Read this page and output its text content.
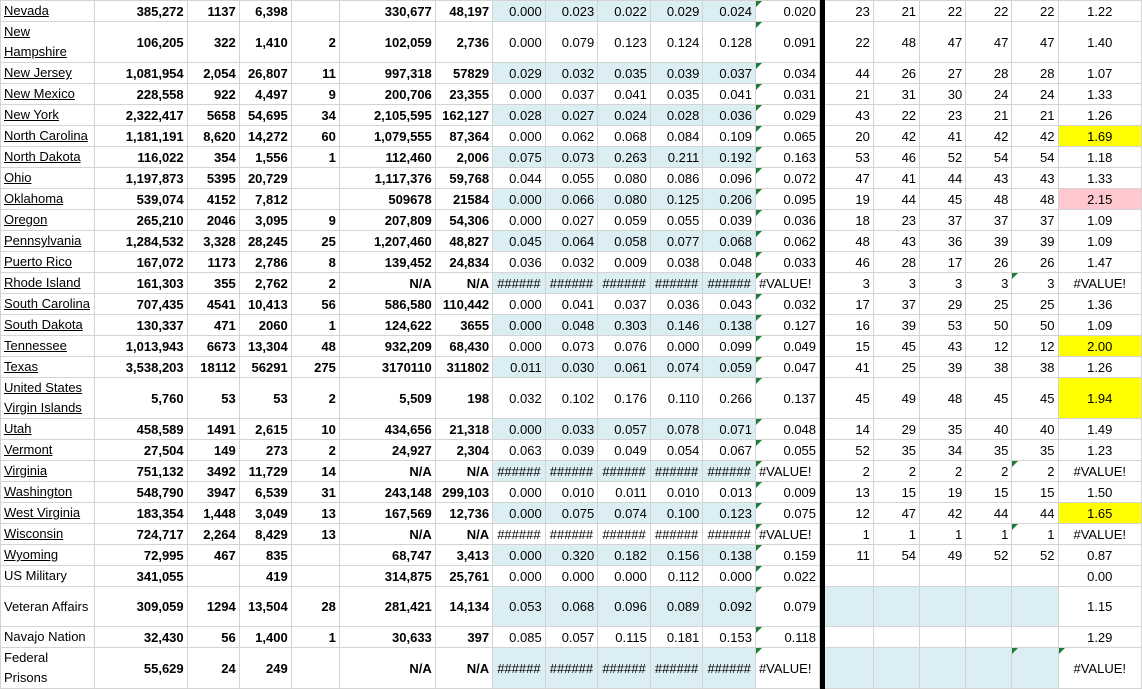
Nevada	385,272	1137	6,398		330,677	48,197	0.000	0.023	0.022	0.029	0.024	0.020		23	21	22	22	22	1.22
New Hampshire	106,205	322	1,410	2	102,059	2,736	0.000	0.079	0.123	0.124	0.128	0.091		22	48	47	47	47	1.40
New Jersey	1,081,954	2,054	26,807	11	997,318	57829	0.029	0.032	0.035	0.039	0.037	0.034		44	26	27	28	28	1.07
New Mexico	228,558	922	4,497	9	200,706	23,355	0.000	0.037	0.041	0.035	0.041	0.031		21	31	30	24	24	1.33
New York	2,322,417	5658	54,695	34	2,105,595	162,127	0.028	0.027	0.024	0.028	0.036	0.029		43	22	23	21	21	1.26
North Carolina	1,181,191	8,620	14,272	60	1,079,555	87,364	0.000	0.062	0.068	0.084	0.109	0.065		20	42	41	42	42	1.69
North Dakota	116,022	354	1,556	1	112,460	2,006	0.075	0.073	0.263	0.211	0.192	0.163		53	46	52	54	54	1.18
Ohio	1,197,873	5395	20,729		1,117,376	59,768	0.044	0.055	0.080	0.086	0.096	0.072		47	41	44	43	43	1.33
Oklahoma	539,074	4152	7,812		509678	21584	0.000	0.066	0.080	0.125	0.206	0.095		19	44	45	48	48	2.15
Oregon	265,210	2046	3,095	9	207,809	54,306	0.000	0.027	0.059	0.055	0.039	0.036		18	23	37	37	37	1.09
Pennsylvania	1,284,532	3,328	28,245	25	1,207,460	48,827	0.045	0.064	0.058	0.077	0.068	0.062		48	43	36	39	39	1.09
Puerto Rico	167,072	1173	2,786	8	139,452	24,834	0.036	0.032	0.009	0.038	0.048	0.033		46	28	17	26	26	1.47
Rhode Island	161,303	355	2,762	2	N/A	N/A	######	######	######	######	######	#VALUE!		3	3	3	3	3	#VALUE!
South Carolina	707,435	4541	10,413	56	586,580	110,442	0.000	0.041	0.037	0.036	0.043	0.032		17	37	29	25	25	1.36
South Dakota	130,337	471	2060	1	124,622	3655	0.000	0.048	0.303	0.146	0.138	0.127		16	39	53	50	50	1.09
Tennessee	1,013,943	6673	13,304	48	932,209	68,430	0.000	0.073	0.076	0.000	0.099	0.049		15	45	43	12	12	2.00
Texas	3,538,203	18112	56291	275	3170110	311802	0.011	0.030	0.061	0.074	0.059	0.047		41	25	39	38	38	1.26
United States Virgin Islands	5,760	53	53	2	5,509	198	0.032	0.102	0.176	0.110	0.266	0.137		45	49	48	45	45	1.94
Utah	458,589	1491	2,615	10	434,656	21,318	0.000	0.033	0.057	0.078	0.071	0.048		14	29	35	40	40	1.49
Vermont	27,504	149	273	2	24,927	2,304	0.063	0.039	0.049	0.054	0.067	0.055		52	35	34	35	35	1.23
Virginia	751,132	3492	11,729	14	N/A	N/A	######	######	######	######	######	#VALUE!		2	2	2	2	2	#VALUE!
Washington	548,790	3947	6,539	31	243,148	299,103	0.000	0.010	0.011	0.010	0.013	0.009		13	15	19	15	15	1.50
West Virginia	183,354	1,448	3,049	13	167,569	12,736	0.000	0.075	0.074	0.100	0.123	0.075		12	47	42	44	44	1.65
Wisconsin	724,717	2,264	8,429	13	N/A	N/A	######	######	######	######	######	#VALUE!		1	1	1	1	1	#VALUE!
Wyoming	72,995	467	835		68,747	3,413	0.000	0.320	0.182	0.156	0.138	0.159		11	54	49	52	52	0.87
US Military	341,055		419		314,875	25,761	0.000	0.000	0.000	0.112	0.000	0.022							0.00
Veteran Affairs	309,059	1294	13,504	28	281,421	14,134	0.053	0.068	0.096	0.089	0.092	0.079							1.15
Navajo Nation	32,430	56	1,400	1	30,633	397	0.085	0.057	0.115	0.181	0.153	0.118							1.29
Federal Prisons	55,629	24	249		N/A	N/A	######	######	######	######	######	#VALUE!							#VALUE!
